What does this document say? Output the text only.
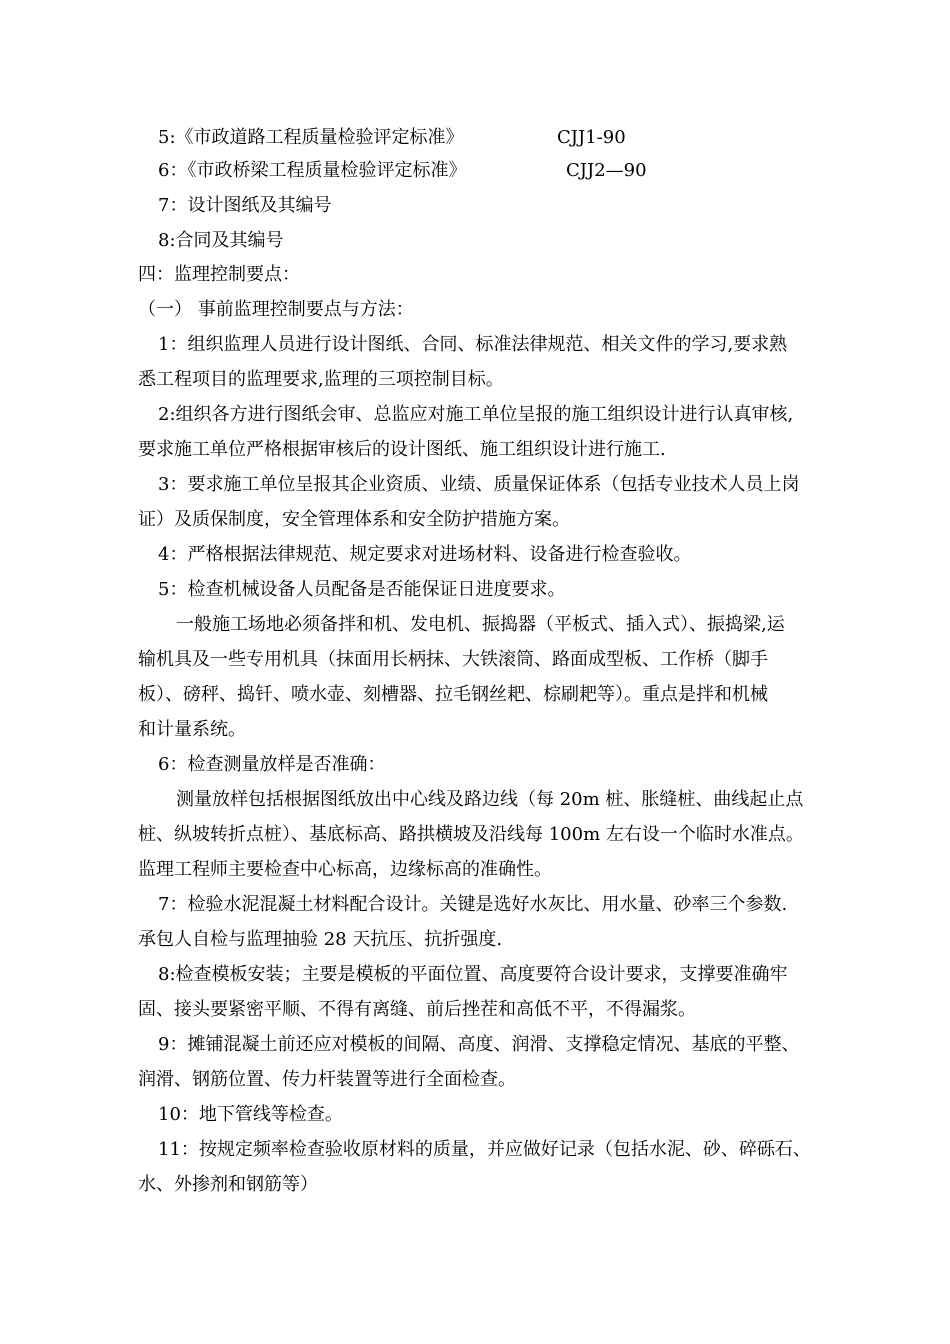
5:《市政道路工程质量检验评定标准》	CJJ1-90
6：《市政桥梁工程质量检验评定标准》	CJJ2—90
7：设计图纸及其编号
8:合同及其编号
四：监理控制要点：
（一） 事前监理控制要点与方法：
1：组织监理人员进行设计图纸、合同、标准法律规范、相关文件的学习,要求熟
悉工程项目的监理要求,监理的三项控制目标。
2:组织各方进行图纸会审、总监应对施工单位呈报的施工组织设计进行认真审核,
要求施工单位严格根据审核后的设计图纸、施工组织设计进行施工.
3：要求施工单位呈报其企业资质、业绩、质量保证体系（包括专业技术人员上岗
证）及质保制度，安全管理体系和安全防护措施方案。
4：严格根据法律规范、规定要求对进场材料、设备进行检查验收。
5：检查机械设备人员配备是否能保证日进度要求。
一般施工场地必须备拌和机、发电机、振捣器（平板式、插入式）、振捣梁,运
输机具及一些专用机具（抹面用长柄抹、大铁滚筒、路面成型板、工作桥（脚手
板）、磅秤、捣钎、喷水壶、刻槽器、拉毛钢丝耙、棕刷耙等）。重点是拌和机械
和计量系统。
6：检查测量放样是否准确：
测量放样包括根据图纸放出中心线及路边线（每 20m 桩、胀缝桩、曲线起止点
桩、纵坡转折点桩）、基底标高、路拱横坡及沿线每 100m 左右设一个临时水准点。
监理工程师主要检查中心标高，边缘标高的准确性。
7：检验水泥混凝土材料配合设计。关键是选好水灰比、用水量、砂率三个参数.
承包人自检与监理抽验 28 天抗压、抗折强度.
8:检查模板安装；主要是模板的平面位置、高度要符合设计要求，支撑要准确牢
固、接头要紧密平顺、不得有离缝、前后挫茬和高低不平，不得漏浆。
9：摊铺混凝土前还应对模板的间隔、高度、润滑、支撑稳定情况、基底的平整、
润滑、钢筋位置、传力杆装置等进行全面检查。
10：地下管线等检查。
11：按规定频率检查验收原材料的质量，并应做好记录（包括水泥、砂、碎砾石、
水、外掺剂和钢筋等）
